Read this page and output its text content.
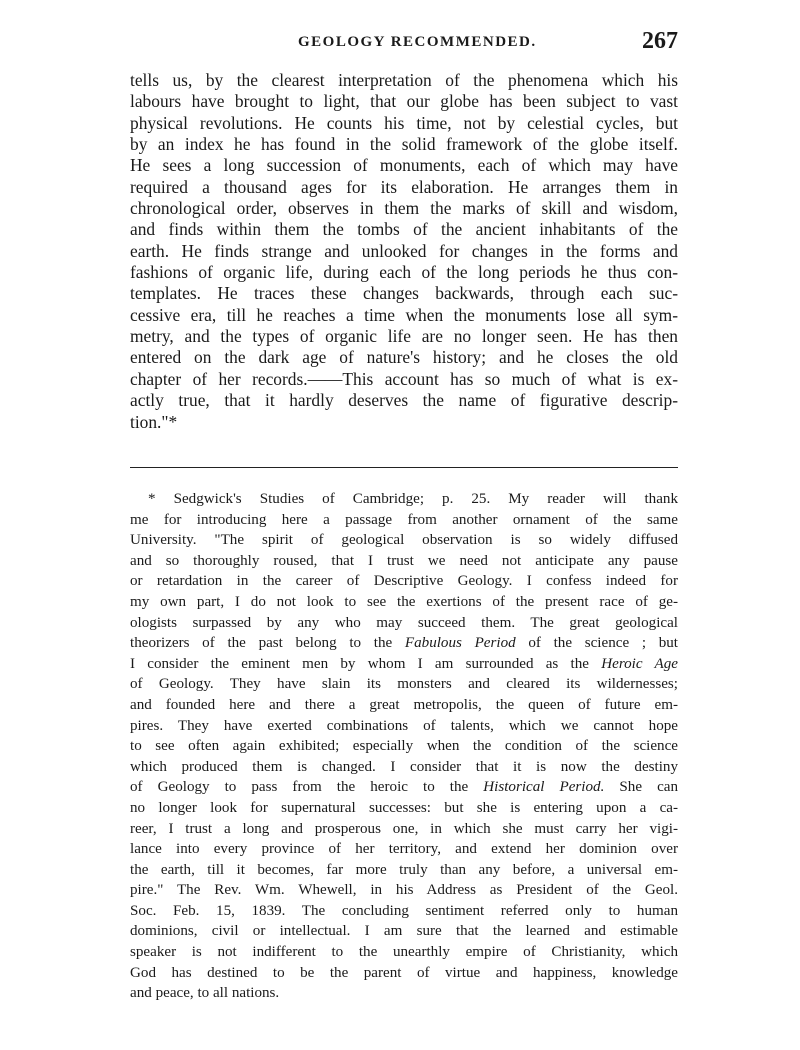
GEOLOGY RECOMMENDED.	267
tells us, by the clearest interpretation of the phenomena which his
labours have brought to light, that our globe has been subject to vast
physical revolutions. He counts his time, not by celestial cycles, but
by an index he has found in the solid framework of the globe itself.
He sees a long succession of monuments, each of which may have
required a thousand ages for its elaboration. He arranges them in
chronological order, observes in them the marks of skill and wisdom,
and finds within them the tombs of the ancient inhabitants of the
earth. He finds strange and unlooked for changes in the forms and
fashions of organic life, during each of the long periods he thus con-
templates. He traces these changes backwards, through each suc-
cessive era, till he reaches a time when the monuments lose all sym-
metry, and the types of organic life are no longer seen. He has then
entered on the dark age of nature's history; and he closes the old
chapter of her records.——This account has so much of what is ex-
actly true, that it hardly deserves the name of figurative descrip-
tion."*
* Sedgwick's Studies of Cambridge; p. 25. My reader will thank
me for introducing here a passage from another ornament of the same
University. "The spirit of geological observation is so widely diffused
and so thoroughly roused, that I trust we need not anticipate any pause
or retardation in the career of Descriptive Geology. I confess indeed for
my own part, I do not look to see the exertions of the present race of ge-
ologists surpassed by any who may succeed them. The great geological
theorizers of the past belong to the Fabulous Period of the science ; but
I consider the eminent men by whom I am surrounded as the Heroic Age
of Geology. They have slain its monsters and cleared its wildernesses;
and founded here and there a great metropolis, the queen of future em-
pires. They have exerted combinations of talents, which we cannot hope
to see often again exhibited; especially when the condition of the science
which produced them is changed. I consider that it is now the destiny
of Geology to pass from the heroic to the Historical Period. She can
no longer look for supernatural successes: but she is entering upon a ca-
reer, I trust a long and prosperous one, in which she must carry her vigi-
lance into every province of her territory, and extend her dominion over
the earth, till it becomes, far more truly than any before, a universal em-
pire." The Rev. Wm. Whewell, in his Address as President of the Geol.
Soc. Feb. 15, 1839. The concluding sentiment referred only to human
dominions, civil or intellectual. I am sure that the learned and estimable
speaker is not indifferent to the unearthly empire of Christianity, which
God has destined to be the parent of virtue and happiness, knowledge
and peace, to all nations.
